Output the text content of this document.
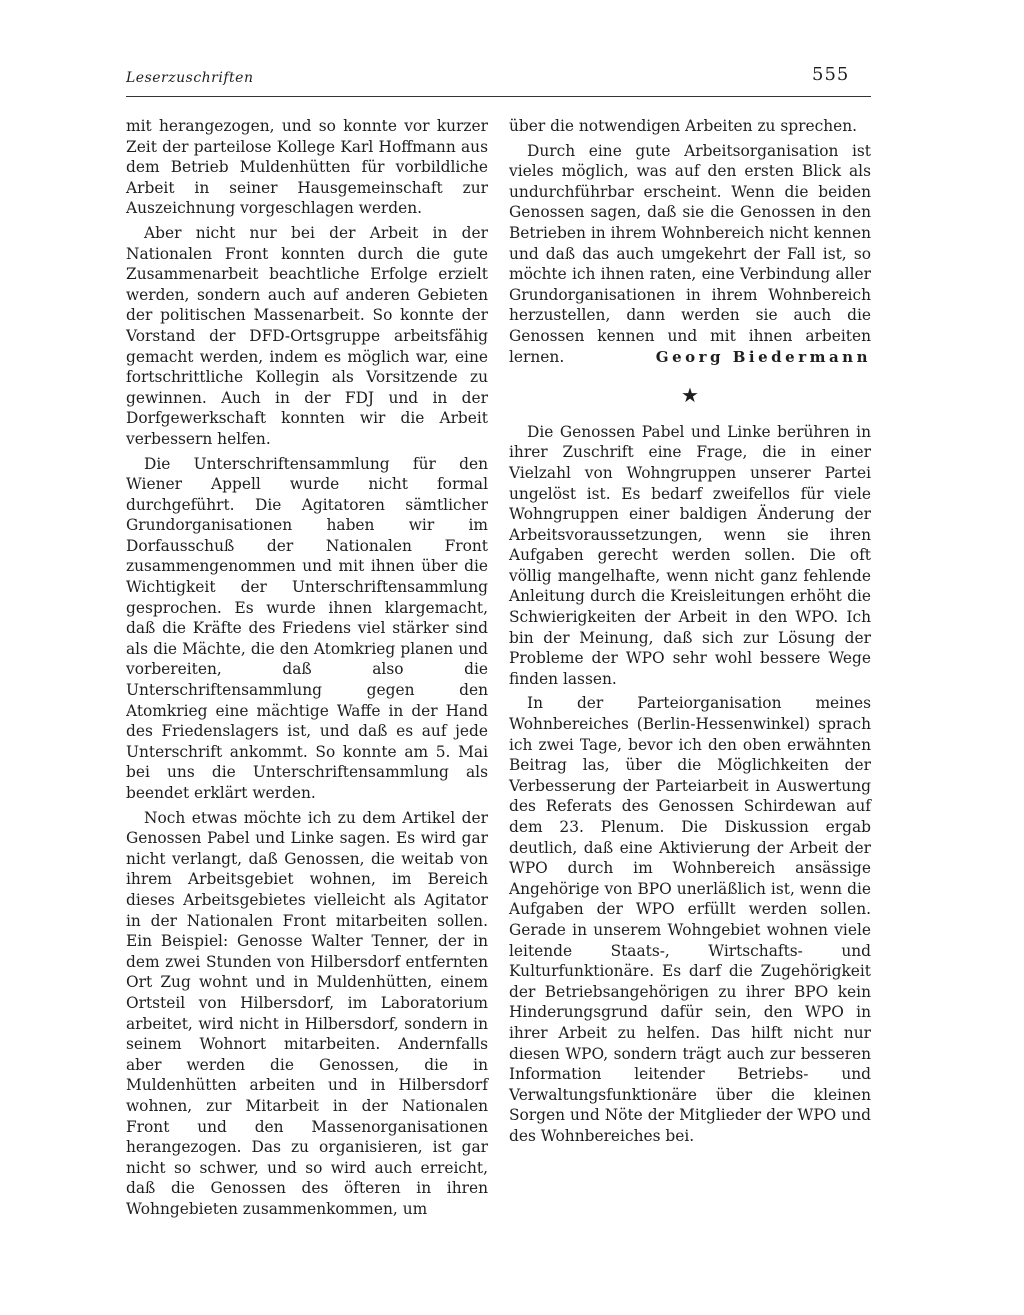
Leserzuschriften	555

mit herangezogen, und so konnte vor kurzer Zeit der parteilose Kollege Karl Hoffmann aus dem Betrieb Muldenhütten für vorbildliche Arbeit in seiner Hausgemeinschaft zur Auszeichnung vorgeschlagen werden.

Aber nicht nur bei der Arbeit in der Nationalen Front konnten durch die gute Zusammenarbeit beachtliche Erfolge erzielt werden, sondern auch auf anderen Gebieten der politischen Massenarbeit. So konnte der Vorstand der DFD-Ortsgruppe arbeitsfähig gemacht werden, indem es möglich war, eine fortschrittliche Kollegin als Vorsitzende zu gewinnen. Auch in der FDJ und in der Dorfgewerkschaft konnten wir die Arbeit verbessern helfen.

Die Unterschriftensammlung für den Wiener Appell wurde nicht formal durchgeführt. Die Agitatoren sämtlicher Grundorganisationen haben wir im Dorfausschuß der Nationalen Front zusammengenommen und mit ihnen über die Wichtigkeit der Unterschriftensammlung gesprochen. Es wurde ihnen klargemacht, daß die Kräfte des Friedens viel stärker sind als die Mächte, die den Atomkrieg planen und vorbereiten, daß also die Unterschriftensammlung gegen den Atomkrieg eine mächtige Waffe in der Hand des Friedenslagers ist, und daß es auf jede Unterschrift ankommt. So konnte am 5. Mai bei uns die Unterschriftensammlung als beendet erklärt werden.

Noch etwas möchte ich zu dem Artikel der Genossen Pabel und Linke sagen. Es wird gar nicht verlangt, daß Genossen, die weitab von ihrem Arbeitsgebiet wohnen, im Bereich dieses Arbeitsgebietes vielleicht als Agitator in der Nationalen Front mitarbeiten sollen. Ein Beispiel: Genosse Walter Tenner, der in dem zwei Stunden von Hilbersdorf entfernten Ort Zug wohnt und in Muldenhütten, einem Ortsteil von Hilbersdorf, im Laboratorium arbeitet, wird nicht in Hilbersdorf, sondern in seinem Wohnort mitarbeiten. Andernfalls aber werden die Genossen, die in Muldenhütten arbeiten und in Hilbersdorf wohnen, zur Mitarbeit in der Nationalen Front und den Massenorganisationen herangezogen. Das zu organisieren, ist gar nicht so schwer, und so wird auch erreicht, daß die Genossen des öfteren in ihren Wohngebieten zusammenkommen, um

über die notwendigen Arbeiten zu sprechen.

Durch eine gute Arbeitsorganisation ist vieles möglich, was auf den ersten Blick als undurchführbar erscheint. Wenn die beiden Genossen sagen, daß sie die Genossen in den Betrieben in ihrem Wohnbereich nicht kennen und daß das auch umgekehrt der Fall ist, so möchte ich ihnen raten, eine Verbindung aller Grundorganisationen in ihrem Wohnbereich herzustellen, dann werden sie auch die Genossen kennen und mit ihnen arbeiten lernen.	Georg Biedermann

★

Die Genossen Pabel und Linke berühren in ihrer Zuschrift eine Frage, die in einer Vielzahl von Wohngruppen unserer Partei ungelöst ist. Es bedarf zweifellos für viele Wohngruppen einer baldigen Änderung der Arbeitsvoraussetzungen, wenn sie ihren Aufgaben gerecht werden sollen. Die oft völlig mangelhafte, wenn nicht ganz fehlende Anleitung durch die Kreisleitungen erhöht die Schwierigkeiten der Arbeit in den WPO. Ich bin der Meinung, daß sich zur Lösung der Probleme der WPO sehr wohl bessere Wege finden lassen.

In der Parteiorganisation meines Wohnbereiches (Berlin-Hessenwinkel) sprach ich zwei Tage, bevor ich den oben erwähnten Beitrag las, über die Möglichkeiten der Verbesserung der Parteiarbeit in Auswertung des Referats des Genossen Schirdewan auf dem 23. Plenum. Die Diskussion ergab deutlich, daß eine Aktivierung der Arbeit der WPO durch im Wohnbereich ansässige Angehörige von BPO unerläßlich ist, wenn die Aufgaben der WPO erfüllt werden sollen. Gerade in unserem Wohngebiet wohnen viele leitende Staats-, Wirtschafts- und Kulturfunktionäre. Es darf die Zugehörigkeit der Betriebsangehörigen zu ihrer BPO kein Hinderungsgrund dafür sein, den WPO in ihrer Arbeit zu helfen. Das hilft nicht nur diesen WPO, sondern trägt auch zur besseren Information leitender Betriebs- und Verwaltungsfunktionäre über die kleinen Sorgen und Nöte der Mitglieder der WPO und des Wohnbereiches bei.
